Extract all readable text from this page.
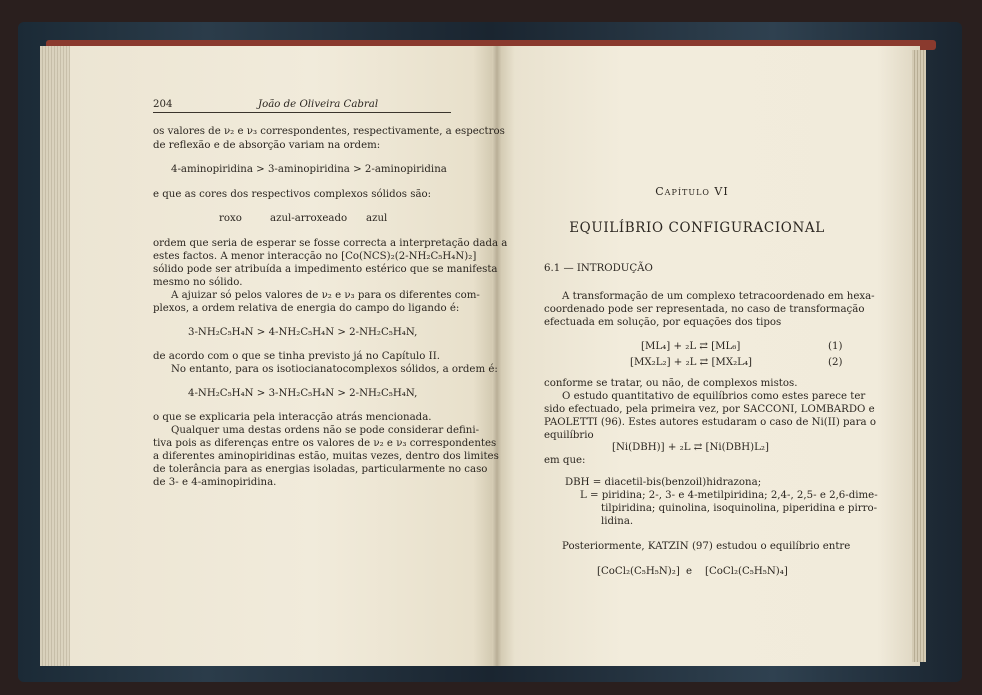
204	João de Oliveira Cabral
os valores de ν₂ e ν₃ correspondentes, respectivamente, a espectros
de reflexão e de absorção variam na ordem:
4-aminopiridina > 3-aminopiridina > 2-aminopiridina
e que as cores dos respectivos complexos sólidos são:
roxo	azul-arroxeado azul
ordem que seria de esperar se fosse correcta a interpretação dada a
estes factos. A menor interacção no [Co(NCS)₂(2-NH₂C₅H₄N)₂]
sólido pode ser atribuída a impedimento estérico que se manifesta
mesmo no sólido.
A ajuizar só pelos valores de ν₂ e ν₃ para os diferentes com-
plexos, a ordem relativa de energia do campo do ligando é:
3-NH₂C₅H₄N > 4-NH₂C₅H₄N > 2-NH₂C₅H₄N,
de acordo com o que se tinha previsto já no Capítulo II.
No entanto, para os isotiocianatocomplexos sólidos, a ordem é:
4-NH₂C₅H₄N > 3-NH₂C₅H₄N > 2-NH₂C₅H₄N,
o que se explicaria pela interacção atrás mencionada.
Qualquer uma destas ordens não se pode considerar defini-
tiva pois as diferenças entre os valores de ν₂ e ν₃ correspondentes
a diferentes aminopiridinas estão, muitas vezes, dentro dos limites
de tolerância para as energias isoladas, particularmente no caso
de 3- e 4-aminopiridina.
Capítulo VI
EQUILÍBRIO CONFIGURACIONAL
6.1 — INTRODUÇÃO
A transformação de um complexo tetracoordenado em hexa-
coordenado pode ser representada, no caso de transformação
efectuada em solução, por equações dos tipos
[ML₄] + ₂L ⇄ [ML₆]
[MX₂L₂] + ₂L ⇄ [MX₂L₄]
(1)
(2)
conforme se tratar, ou não, de complexos mistos.
O estudo quantitativo de equilíbrios como estes parece ter
sido efectuado, pela primeira vez, por SACCONI, LOMBARDO e
PAOLETTI (96). Estes autores estudaram o caso de Ni(II) para o
equilíbrio
[Ni(DBH)] + ₂L ⇄ [Ni(DBH)L₂]
em que:
DBH = diacetil-bis(benzoil)hidrazona;
L = piridina; 2-, 3- e 4-metilpiridina; 2,4-, 2,5- e 2,6-dime-
tilpiridina; quinolina, isoquinolina, piperidina e pirro-
lidina.
Posteriormente, KATZIN (97) estudou o equilíbrio entre
[CoCl₂(C₅H₅N)₂] e [CoCl₂(C₅H₅N)₄]
